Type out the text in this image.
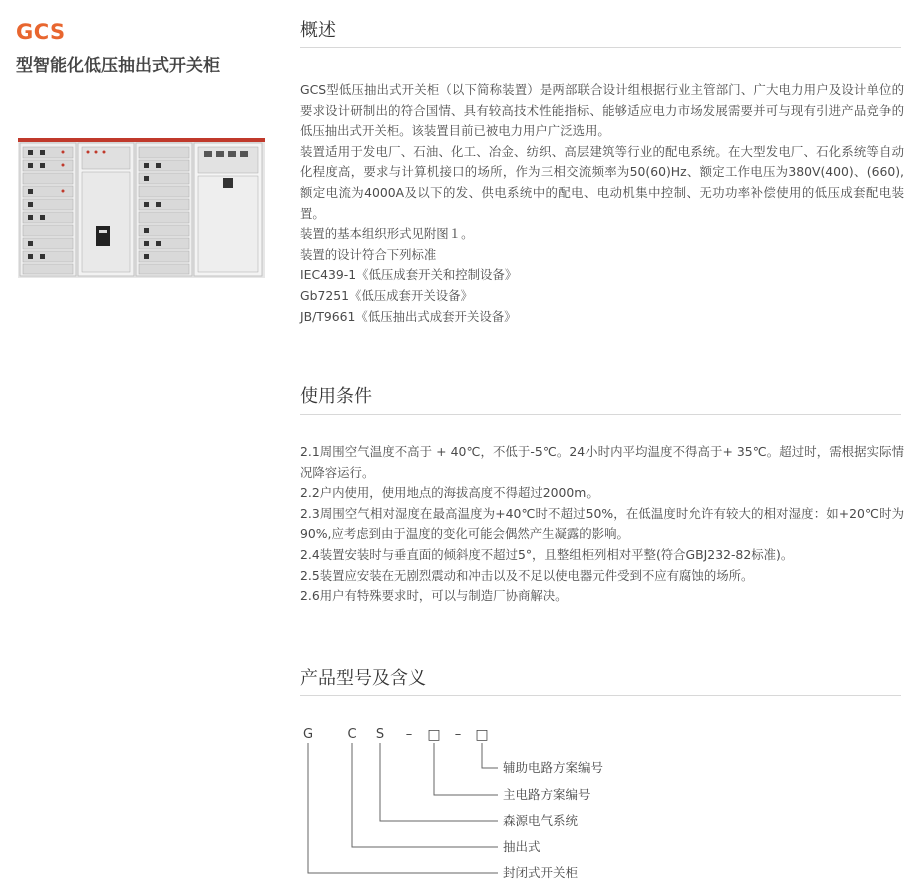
GCS
型智能化低压抽出式开关柜
概述

GCS型低压抽出式开关柜（以下简称装置）是两部联合设计组根据行业主管部门、广大电力用户及设计单位的要求设计研制出的符合国情、具有较高技术性能指标、能够适应电力市场发展需要并可与现有引进产品竞争的低压抽出式开关柜。该装置目前已被电力用户广泛选用。

装置适用于发电厂、石油、化工、冶金、纺织、高层建筑等行业的配电系统。在大型发电厂、石化系统等自动化程度高，要求与计算机接口的场所，作为三相交流频率为50(60)Hz、额定工作电压为380V(400)、(660),额定电流为4000A及以下的发、供电系统中的配电、电动机集中控制、无功功率补偿使用的低压成套配电装置。

装置的基本组织形式见附图１。

装置的设计符合下列标准

IEC439-1《低压成套开关和控制设备》

Gb7251《低压成套开关设备》

JB/T9661《低压抽出式成套开关设备》

使用条件

2.1周围空气温度不高于 + 40℃，不低于-5℃。24小时内平均温度不得高于+ 35℃。超过时，需根据实际情况降容运行。

2.2户内使用，使用地点的海拔高度不得超过2000m。

2.3周围空气相对湿度在最高温度为+40℃时不超过50%，在低温度时允许有较大的相对湿度：如+20℃时为90%,应考虑到由于温度的变化可能会偶然产生凝露的影响。

2.4装置安装时与垂直面的倾斜度不超过5°，且整组柜列相对平整(符合GBJ232-82标准)。

2.5装置应安装在无剧烈震动和冲击以及不足以使电器元件受到不应有腐蚀的场所。

2.6用户有特殊要求时，可以与制造厂协商解决。

产品型号及含义
G	C S – □ – □
辅助电路方案编号
主电路方案编号
森源电气系统
抽出式
封闭式开关柜
